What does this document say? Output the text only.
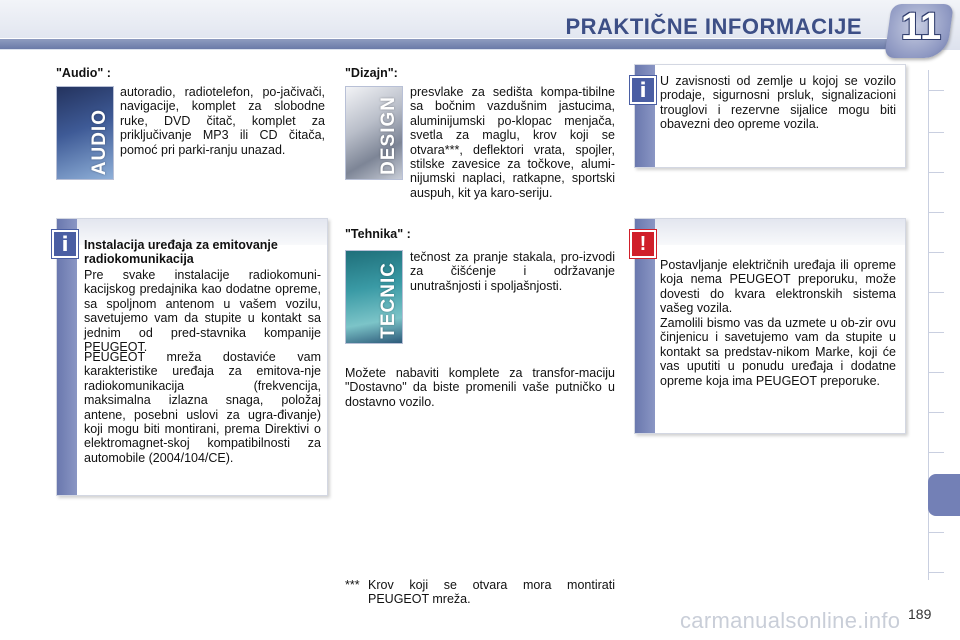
PRAKTIČNE INFORMACIJE 11
"Audio" :
AUDIO

autoradio, radiotelefon, po-jačivači, navigacije, komplet za slobodne ruke, DVD čitač, komplet za priključivanje MP3 ili CD čitača, pomoć pri parki-ranju unazad.

i	Instalacija uređaja za emitovanje radiokomunikacija

Pre svake instalacije radiokomuni-kacijskog predajnika kao dodatne opreme, sa spoljnom antenom u vašem vozilu, savetujemo vam da stupite u kontakt sa jednim od pred-stavnika kompanije PEUGEOT.

PEUGEOT mreža dostaviće vam karakteristike uređaja za emitova-nje radiokomunikacija (frekvencija, maksimalna izlazna snaga, položaj antene, posebni uslovi za ugra-đivanje) koji mogu biti montirani, prema Direktivi o elektromagnet-skoj kompatibilnosti za automobile (2004/104/CE).

"Dizajn":
DESIGN

presvlake za sedišta kompa-tibilne sa bočnim vazdušnim jastucima, aluminijumski po-klopac menjača, svetla za maglu, krov koji se otvara***, deflektori vrata, spojler, stilske zavesice za točkove, alumi-nijumski naplaci, ratkapne, sportski auspuh, kit ya karo-seriju.

"Tehnika" :
TECNIC

tečnost za pranje stakala, pro-izvodi za čišćenje i održavanje unutrašnjosti i spoljašnjosti.

Možete nabaviti komplete za transfor-maciju "Dostavno" da biste promenili vaše putničko u dostavno vozilo.

*** Krov koji se otvara mora montirati PEUGEOT mreža.

i	U zavisnosti od zemlje u kojoj se vozilo prodaje, sigurnosni prsluk, signalizacioni trouglovi i rezervne sijalice mogu biti obavezni deo opreme vozila.

!

Postavljanje električnih uređaja ili opreme koja nema PEUGEOT preporuku, može dovesti do kvara elektronskih sistema vašeg vozila.

Zamolili bismo vas da uzmete u ob-zir ovu činjenicu i savetujemo vam da stupite u kontakt sa predstav-nikom Marke, koji će vas uputiti u ponudu uređaja i dodatne opreme koja ima PEUGEOT preporuke.

carmanualsonline.info 189
